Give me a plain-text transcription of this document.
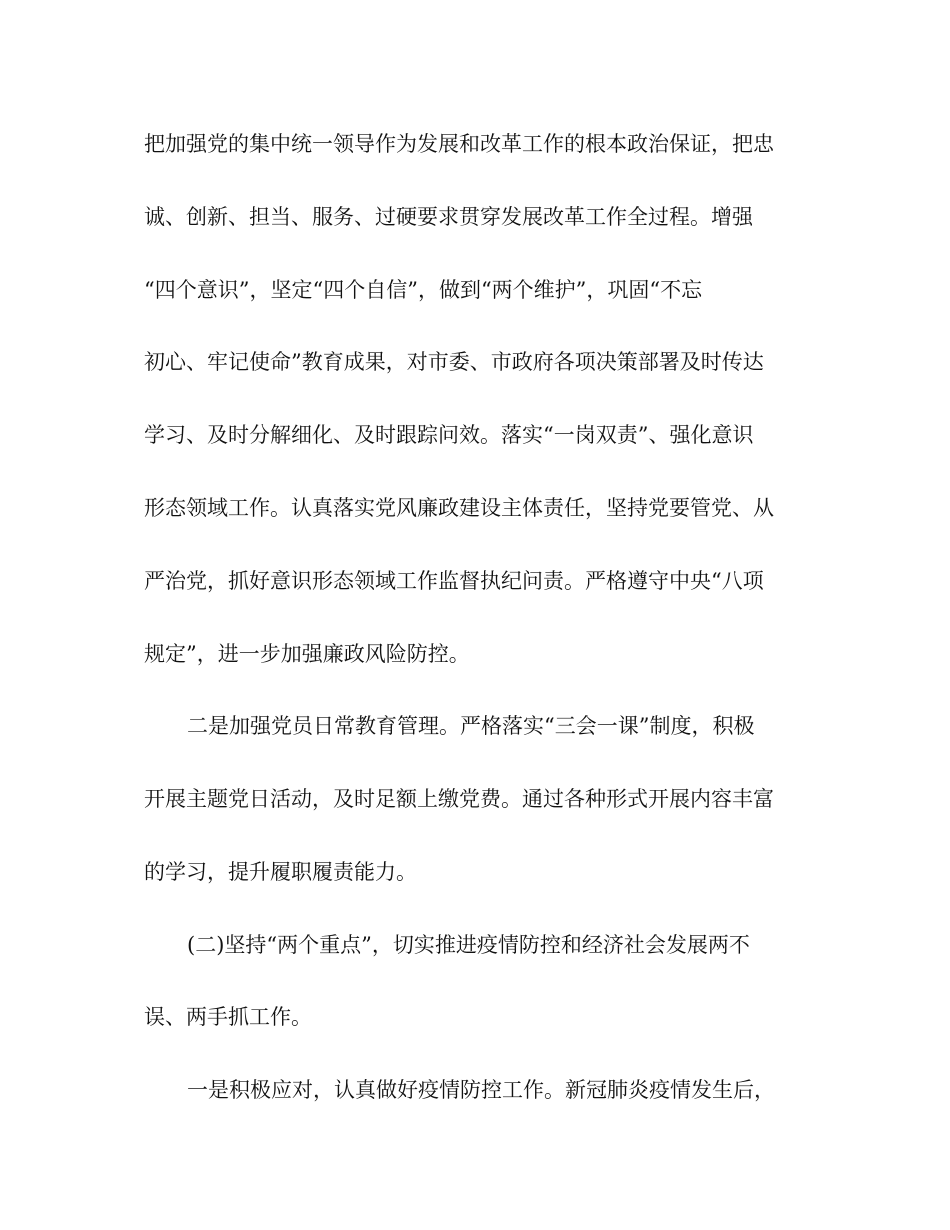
把加强党的集中统一领导作为发展和改革工作的根本政治保证，把忠
诚、创新、担当、服务、过硬要求贯穿发展改革工作全过程。增强
“四个意识”，坚定“四个自信”，做到“两个维护”，巩固“不忘
初心、牢记使命”教育成果，对市委、市政府各项决策部署及时传达
学习、及时分解细化、及时跟踪问效。落实“一岗双责”、强化意识
形态领域工作。认真落实党风廉政建设主体责任，坚持党要管党、从
严治党，抓好意识形态领域工作监督执纪问责。严格遵守中央“八项
规定”，进一步加强廉政风险防控。
二是加强党员日常教育管理。严格落实“三会一课”制度，积极
开展主题党日活动，及时足额上缴党费。通过各种形式开展内容丰富
的学习，提升履职履责能力。
(二)坚持“两个重点”，切实推进疫情防控和经济社会发展两不
误、两手抓工作。
一是积极应对，认真做好疫情防控工作。新冠肺炎疫情发生后，
